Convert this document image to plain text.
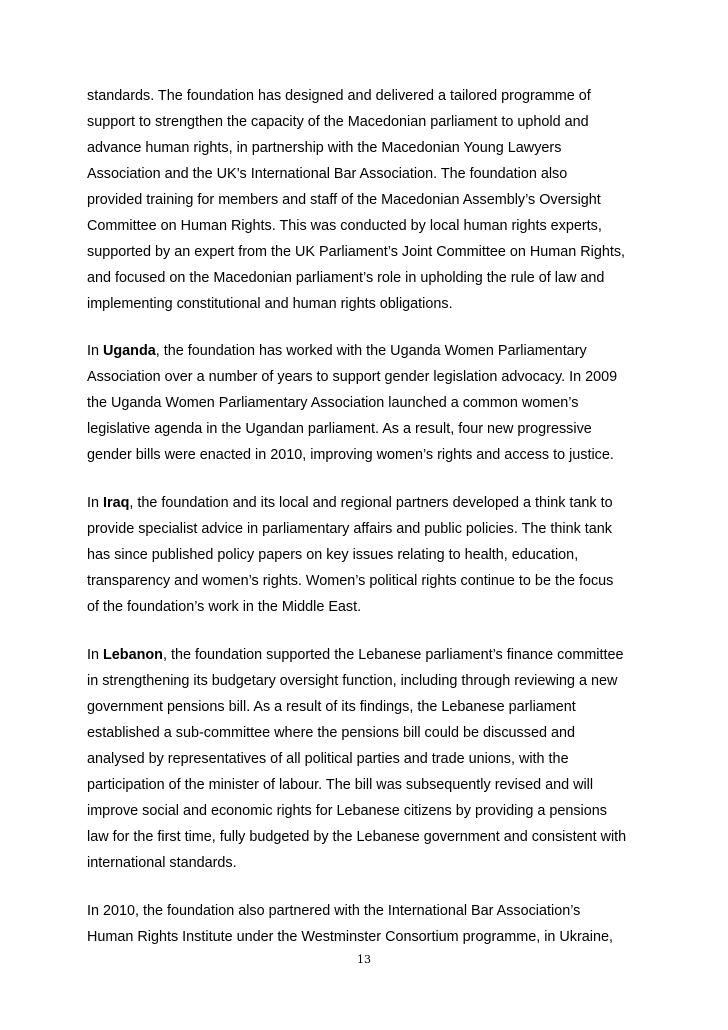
standards. The foundation has designed and delivered a tailored programme of

support to strengthen the capacity of the Macedonian parliament to uphold and

advance human rights, in partnership with the Macedonian Young Lawyers

Association and the UK’s International Bar Association. The foundation also

provided training for members and staff of the Macedonian Assembly’s Oversight

Committee on Human Rights. This was conducted by local human rights experts,

supported by an expert from the UK Parliament’s Joint Committee on Human Rights,

and focused on the Macedonian parliament’s role in upholding the rule of law and

implementing constitutional and human rights obligations.

In Uganda, the foundation has worked with the Uganda Women Parliamentary

Association over a number of years to support gender legislation advocacy. In 2009

the Uganda Women Parliamentary Association launched a common women’s

legislative agenda in the Ugandan parliament. As a result, four new progressive

gender bills were enacted in 2010, improving women’s rights and access to justice.

In Iraq, the foundation and its local and regional partners developed a think tank to

provide specialist advice in parliamentary affairs and public policies. The think tank

has since published policy papers on key issues relating to health, education,

transparency and women’s rights. Women’s political rights continue to be the focus

of the foundation’s work in the Middle East.

In Lebanon, the foundation supported the Lebanese parliament’s finance committee

in strengthening its budgetary oversight function, including through reviewing a new

government pensions bill. As a result of its findings, the Lebanese parliament

established a sub-committee where the pensions bill could be discussed and

analysed by representatives of all political parties and trade unions, with the

participation of the minister of labour. The bill was subsequently revised and will

improve social and economic rights for Lebanese citizens by providing a pensions

law for the first time, fully budgeted by the Lebanese government and consistent with

international standards.

In 2010, the foundation also partnered with the International Bar Association’s

Human Rights Institute under the Westminster Consortium programme, in Ukraine,

13
